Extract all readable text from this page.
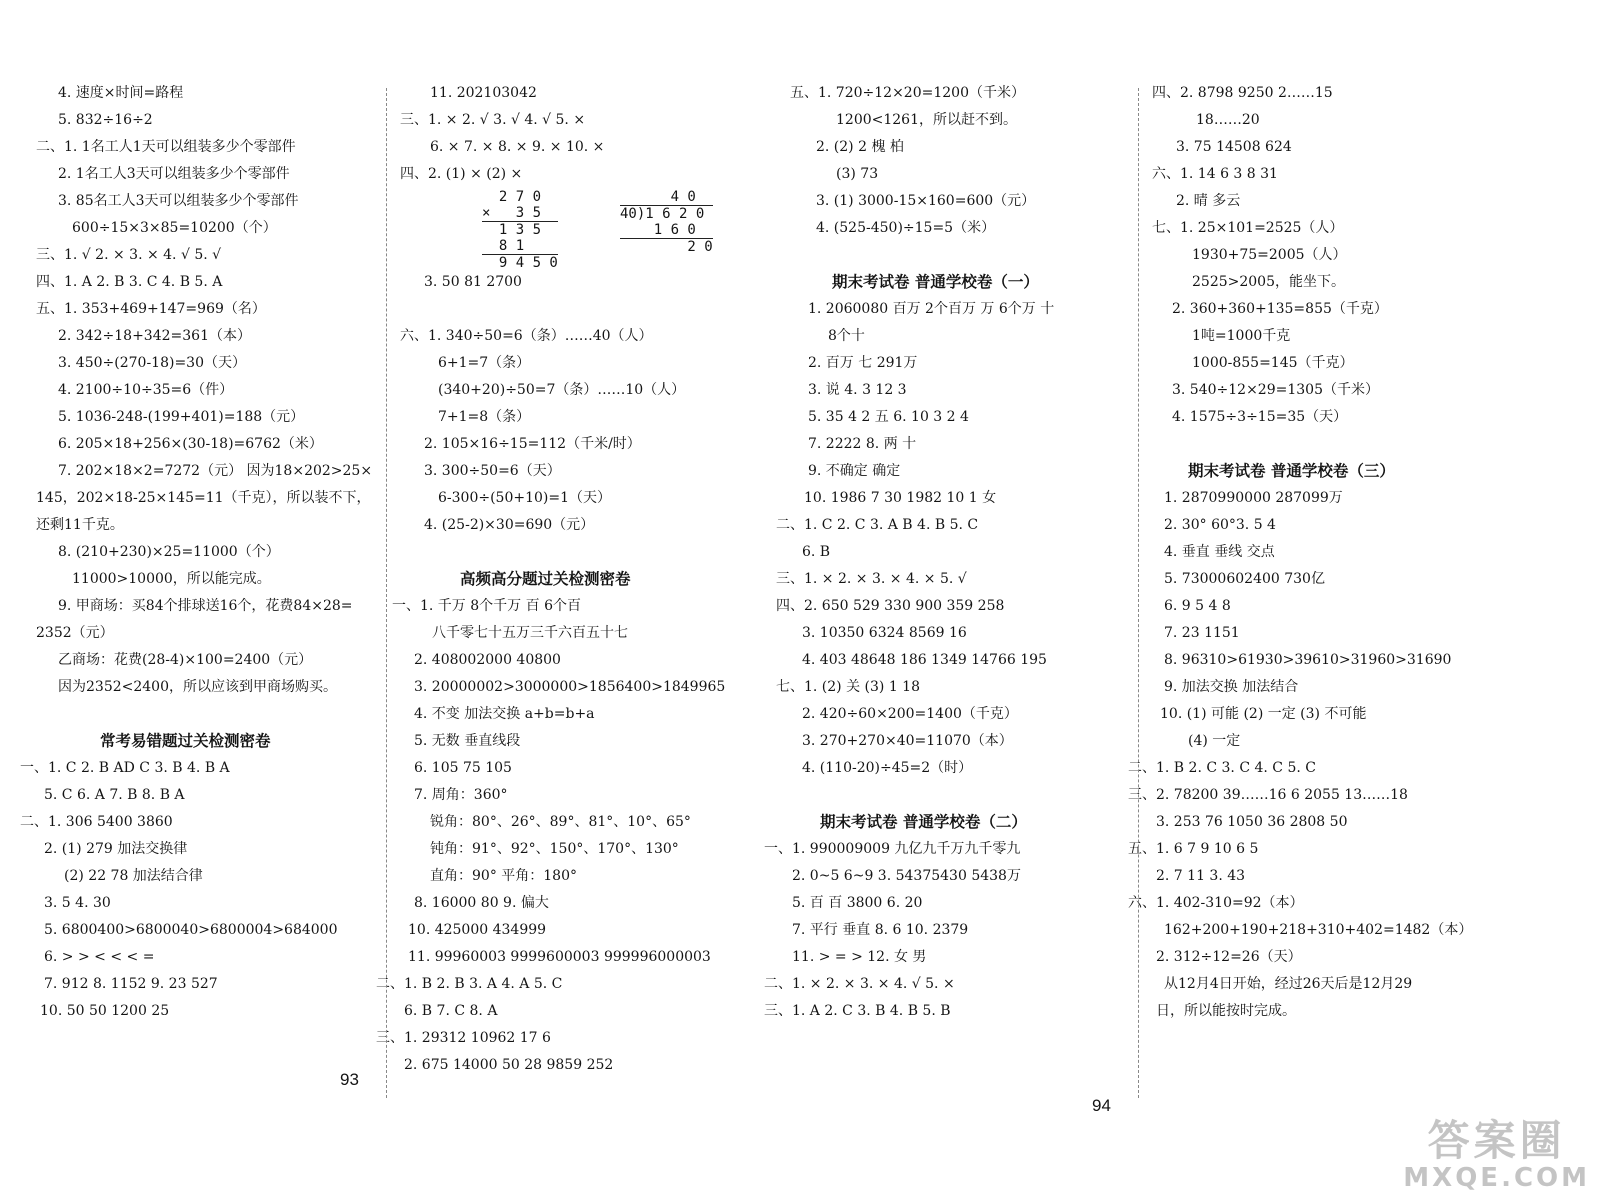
4. 速度×时间=路程
5. 832÷16÷2
二、1. 1名工人1天可以组装多少个零部件
2. 1名工人3天可以组装多少个零部件
3. 85名工人3天可以组装多少个零部件
600÷15×3×85=10200（个）
三、1. √ 2. × 3. × 4. √ 5. √
四、1. A 2. B 3. C 4. B 5. A
五、1. 353+469+147=969（名）
2. 342÷18+342=361（本）
3. 450÷(270-18)=30（天）
4. 2100÷10÷35=6（件）
5. 1036-248-(199+401)=188（元）
6. 205×18+256×(30-18)=6762（米）
7. 202×18×2=7272（元） 因为18×202>25×
145，202×18-25×145=11（千克），所以装不下，
还剩11千克。
8. (210+230)×25=11000（个）
11000>10000，所以能完成。
9. 甲商场：买84个排球送16个，花费84×28=
2352（元）
乙商场：花费(28-4)×100=2400（元）
因为2352<2400，所以应该到甲商场购买。
常考易错题过关检测密卷
一、1. C 2. B AD C 3. B 4. B A
5. C 6. A 7. B 8. B A
二、1. 306 5400 3860
2. (1) 279 加法交换律
(2) 22 78 加法结合律
3. 5 4. 30
5. 6800400>6800040>6800004>684000
6. > > < < < =
7. 912 8. 1152 9. 23 527
10. 50 50 1200 25
11. 202103042
三、1. × 2. √ 3. √ 4. √ 5. ×
6. × 7. × 8. × 9. × 10. ×
四、2. (1) × (2) ×
3. 50 81 2700
六、1. 340÷50=6（条）……40（人）
6+1=7（条）
(340+20)÷50=7（条）……10（人）
7+1=8（条）
2. 105×16÷15=112（千米/时）
3. 300÷50=6（天）
6-300÷(50+10)=1（天）
4. (25-2)×30=690（元）
高频高分题过关检测密卷
一、1. 千万 8个千万 百 6个百
八千零七十五万三千六百五十七
2. 408002000 40800
3. 20000002>3000000>1856400>1849965
4. 不变 加法交换 a+b=b+a
5. 无数 垂直线段
6. 105 75 105
7. 周角：360°
锐角：80°、26°、89°、81°、10°、65°
钝角：91°、92°、150°、170°、130°
直角：90° 平角：180°
8. 16000 80 9. 偏大
10. 425000 434999
11. 99960003 9999600003 999996000003
二、1. B 2. B 3. A 4. A 5. C
6. B 7. C 8. A
三、1. 29312 10962 17 6
2. 675 14000 50 28 9859 252
五、1. 720÷12×20=1200（千米）
1200<1261，所以赶不到。
2. (2) 2 槐 柏
(3) 73
3. (1) 3000-15×160=600（元）
4. (525-450)÷15=5（米）
期末考试卷 普通学校卷（一）
1. 2060080 百万 2个百万 万 6个万 十
8个十
2. 百万 七 291万
3. 说 4. 3 12 3
5. 35 4 2 五 6. 10 3 2 4
7. 2222 8. 两 十
9. 不确定 确定
10. 1986 7 30 1982 10 1 女
二、1. C 2. C 3. A B 4. B 5. C
6. B
三、1. × 2. × 3. × 4. × 5. √
四、2. 650 529 330 900 359 258
3. 10350 6324 8569 16
4. 403 48648 186 1349 14766 195
七、1. (2) 关 (3) 1 18
2. 420÷60×200=1400（千克）
3. 270+270×40=11070（本）
4. (110-20)÷45=2（时）
期末考试卷 普通学校卷（二）
一、1. 990009009 九亿九千万九千零九
2. 0~5 6~9 3. 54375430 5438万
5. 百 百 3800 6. 20
7. 平行 垂直 8. 6 10. 2379
11. > = > 12. 女 男
二、1. × 2. × 3. × 4. √ 5. ×
三、1. A 2. C 3. B 4. B 5. B
四、2. 8798 9250 2……15
18……20
3. 75 14508 624
六、1. 14 6 3 8 31
2. 晴 多云
七、1. 25×101=2525（人）
1930+75=2005（人）
2525>2005，能坐下。
2. 360+360+135=855（千克）
1吨=1000千克
1000-855=145（千克）
3. 540÷12×29=1305（千米）
4. 1575÷3÷15=35（天）
期末考试卷 普通学校卷（三）
1. 2870990000 287099万
2. 30° 60°3. 5 4
4. 垂直 垂线 交点
5. 73000602400 730亿
6. 9 5 4 8
7. 23 1151
8. 96310>61930>39610>31960>31690
9. 加法交换 加法结合
10. (1) 可能 (2) 一定 (3) 不可能
(4) 一定
二、1. B 2. C 3. C 4. C 5. C
三、2. 78200 39……16 6 2055 13……18
3. 253 76 1050 36 2808 50
五、1. 6 7 9 10 6 5
2. 7 11 3. 43
六、1. 402-310=92（本）
162+200+190+218+310+402=1482（本）
2. 312÷12=26（天）
从12月4日开始，经过26天后是12月29
日，所以能按时完成。
2 7 0
×   3 5
1 3 5
8 1
9 4 5 0
4 0
40)1 6 2 0
1 6 0
2 0
93
94
答案圈
MXQE.COM
